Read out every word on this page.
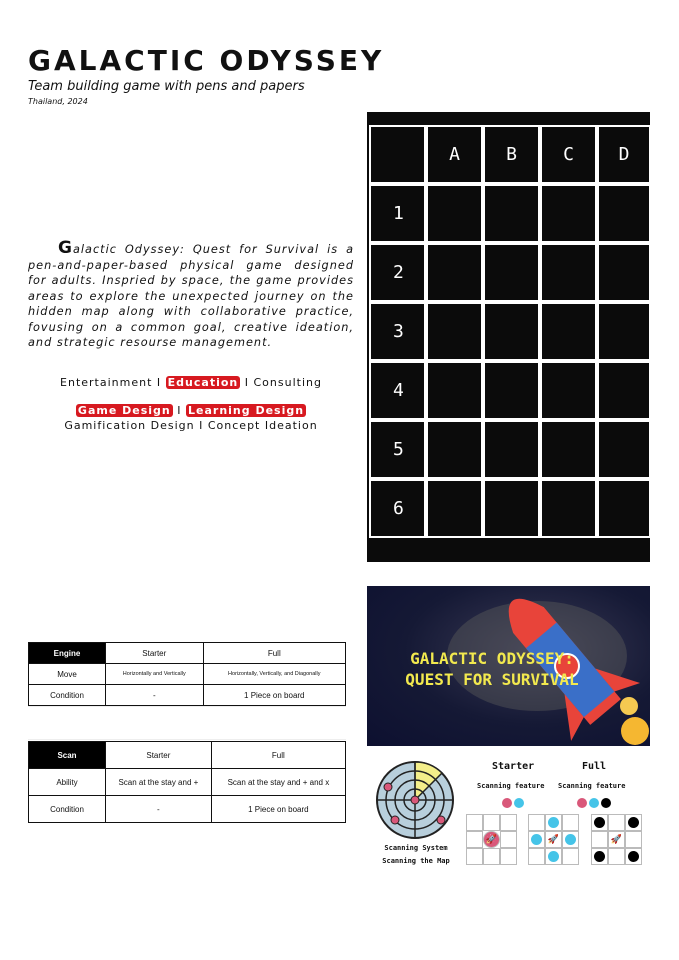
GALACTIC ODYSSEY
Team building game with pens and papers
Thailand, 2024
Galactic Odyssey: Quest for Survival is a pen-and-paper-based physical game designed for adults. Inspried by space, the game provides areas to explore the unexpected journey on the hidden map along with collaborative practice, fovusing on a common goal, creative ideation, and strategic resourse management.
Entertainment I Education I Consulting
Game Design I Learning Design
Gamification Design I Concept Ideation
A	B	C	D
1
2
3
4
5
6
GALACTIC ODYSSEY:
QUEST FOR SURVIVAL
Engine	Starter	Full
Move	Horizontally and Vertically	Horizontally, Vertically, and Diagonally
Condition	-	1 Piece on board
Scan	Starter	Full
Ability	Scan at the stay and +	Scan at the stay and + and x
Condition	-	1 Piece on board
Scanning System
Scanning the Map
Starter	Full
Scanning feature Scanning feature
🚀	🚀	🚀
